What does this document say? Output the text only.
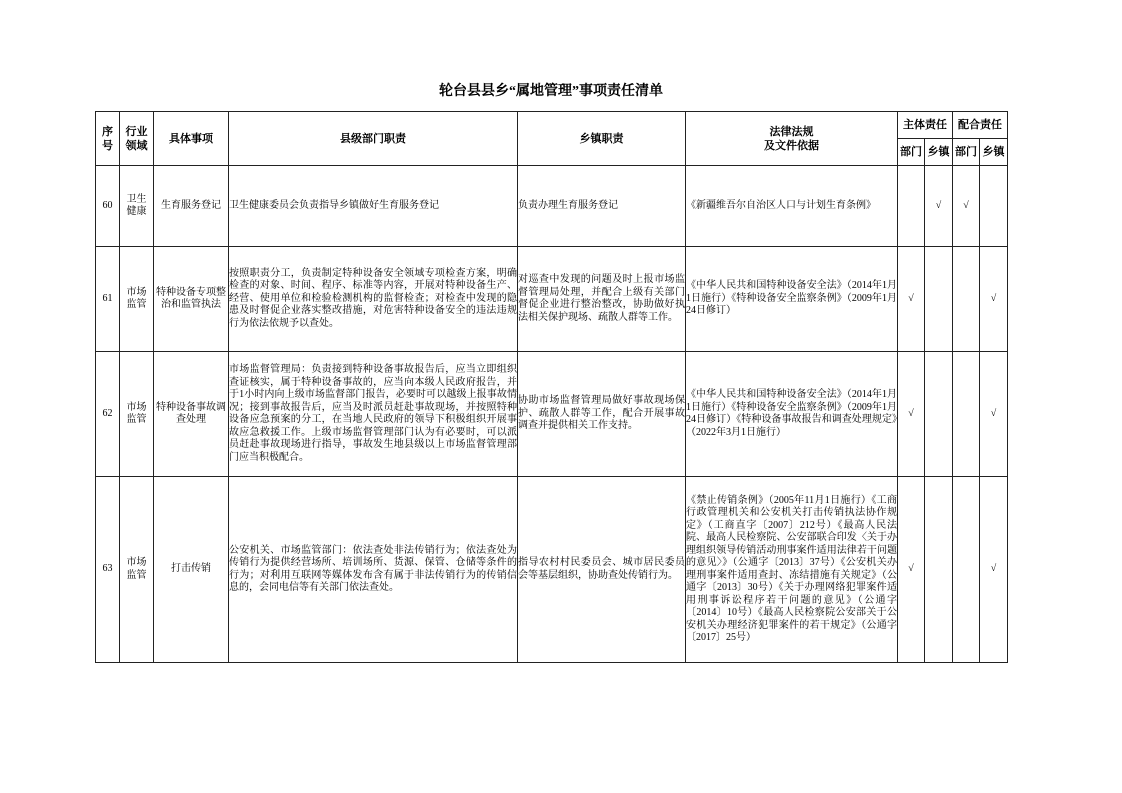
轮台县县乡“属地管理”事项责任清单
序号	行业领域	具体事项	县级部门职责	乡镇职责	法律法规
及文件依据	主体责任		配合责任	
						部门	乡镇	部门	乡镇
60	卫生健康	生育服务登记	卫生健康委员会负责指导乡镇做好生育服务登记	负责办理生育服务登记	《新疆维吾尔自治区人口与计划生育条例》		√	√	
61	市场监管	特种设备专项整治和监管执法	按照职责分工，负责制定特种设备安全领域专项检查方案，明确检查的对象、时间、程序、标准等内容，开展对特种设备生产、经营、使用单位和检验检测机构的监督检查；对检查中发现的隐患及时督促企业落实整改措施，对危害特种设备安全的违法违规行为依法依规予以查处。	对巡查中发现的问题及时上报市场监督管理局处理，并配合上级有关部门督促企业进行整治整改，协助做好执法相关保护现场、疏散人群等工作。	《中华人民共和国特种设备安全法》（2014年1月1日施行）《特种设备安全监察条例》（2009年1月24日修订）	√			√
62	市场监管	特种设备事故调查处理	市场监督管理局：负责接到特种设备事故报告后，应当立即组织查证核实，属于特种设备事故的，应当向本级人民政府报告，并于1小时内向上级市场监督部门报告，必要时可以越级上报事故情况；接到事故报告后，应当及时派员赶赴事故现场，并按照特种设备应急预案的分工，在当地人民政府的领导下积极组织开展事故应急救援工作。上级市场监督管理部门认为有必要时，可以派员赶赴事故现场进行指导，事故发生地县级以上市场监督管理部门应当积极配合。	协助市场监督管理局做好事故现场保护、疏散人群等工作，配合开展事故调查并提供相关工作支持。	《中华人民共和国特种设备安全法》（2014年1月1日施行）《特种设备安全监察条例》（2009年1月24日修订）《特种设备事故报告和调查处理规定》（2022年3月1日施行）	√			√
63	市场监管	打击传销	公安机关、市场监管部门：依法查处非法传销行为；依法查处为传销行为提供经营场所、培训场所、货源、保管、仓储等条件的行为；对利用互联网等媒体发布含有属于非法传销行为的传销信息的，会同电信等有关部门依法查处。	指导农村村民委员会、城市居民委员会等基层组织，协助查处传销行为。	《禁止传销条例》（2005年11月1日施行）《工商行政管理机关和公安机关打击传销执法协作规定》（工商直字〔2007〕212号）《最高人民法院、最高人民检察院、公安部联合印发〈关于办理组织领导传销活动刑事案件适用法律若干问题的意见〉》（公通字〔2013〕37号）《公安机关办理刑事案件适用查封、冻结措施有关规定》（公通字〔2013〕30号）《关于办理网络犯罪案件适用刑事诉讼程序若干问题的意见》（公通字〔2014〕10号）《最高人民检察院公安部关于公安机关办理经济犯罪案件的若干规定》（公通字〔2017〕25号）	√			√
